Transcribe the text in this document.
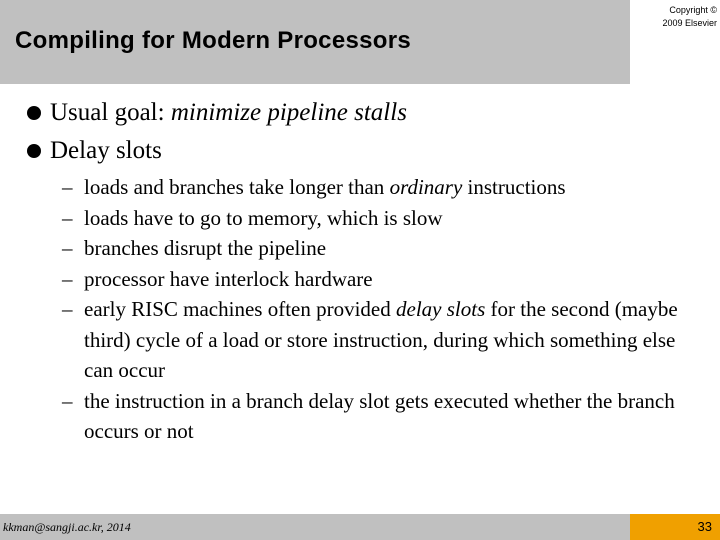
Compiling for Modern Processors
Copyright ©
2009 Elsevier
Usual goal: minimize pipeline stalls
Delay slots
– loads and branches take longer than ordinary instructions
– loads have to go to memory, which is slow
– branches disrupt the pipeline
– processor have interlock hardware
– early RISC machines often provided delay slots for the second (maybe third) cycle of a load or store instruction, during which something else can occur
– the instruction in a branch delay slot gets executed whether the branch occurs or not
kkman@sangji.ac.kr, 2014	33
